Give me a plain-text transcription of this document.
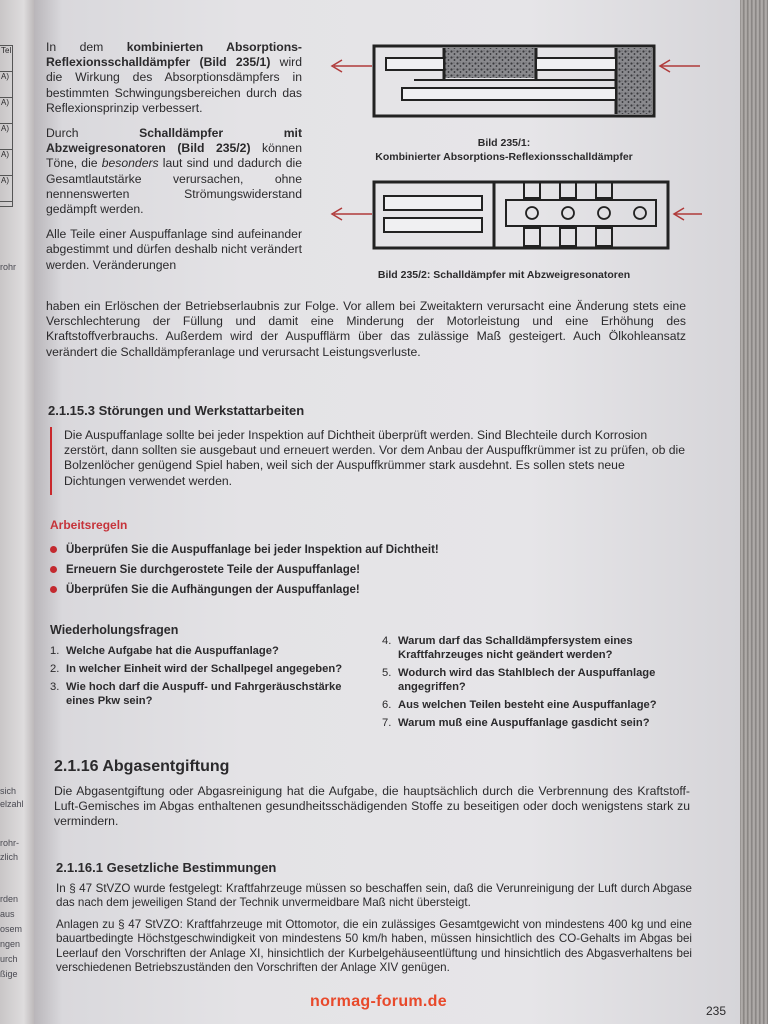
Tel
A)
A)
A)
A)
A)
rohr
sich
elzahl
rohr-
zlich
rden
aus
osem
ngen
urch
ßige

In dem kombinierten Absorptions-Reflexionsschalldämpfer (Bild 235/1) wird die Wirkung des Absorptionsdämpfers in bestimmten Schwingungsbereichen durch das Reflexionsprinzip verbessert.

Durch Schalldämpfer mit Abzweigresonatoren (Bild 235/2) können Töne, die besonders laut sind und dadurch die Gesamtlautstärke verursachen, ohne nennenswerten Strömungswiderstand gedämpft werden.

Alle Teile einer Auspuffanlage sind aufeinander abgestimmt und dürfen deshalb nicht verändert werden. Veränderungen

Bild 235/1:
Kombinierter Absorptions-Reflexionsschalldämpfer
Bild 235/2: Schalldämpfer mit Abzweigresonatoren
haben ein Erlöschen der Betriebserlaubnis zur Folge. Vor allem bei Zweitaktern verursacht eine Änderung stets eine Verschlechterung der Füllung und damit eine Minderung der Motorleistung und eine Erhöhung des Kraftstoffverbrauchs. Außerdem wird der Auspufflärm über das zulässige Maß gesteigert. Auch Ölkohleansatz verändert die Schalldämpferanlage und verursacht Leistungsverluste.
2.1.15.3 Störungen und Werkstattarbeiten
Die Auspuffanlage sollte bei jeder Inspektion auf Dichtheit überprüft werden. Sind Blechteile durch Korrosion zerstört, dann sollten sie ausgebaut und erneuert werden. Vor dem Anbau der Auspuffkrümmer ist zu prüfen, ob die Bolzenlöcher genügend Spiel haben, weil sich der Auspuffkrümmer stark ausdehnt. Es sollen stets neue Dichtungen verwendet werden.
Arbeitsregeln
Überprüfen Sie die Auspuffanlage bei jeder Inspektion auf Dichtheit!
Erneuern Sie durchgerostete Teile der Auspuffanlage!
Überprüfen Sie die Aufhängungen der Auspuffanlage!
Wiederholungsfragen
1. Welche Aufgabe hat die Auspuffanlage?
2. In welcher Einheit wird der Schallpegel angegeben?
3. Wie hoch darf die Auspuff- und Fahrgeräuschstärke eines Pkw sein?
4. Warum darf das Schalldämpfersystem eines Kraftfahrzeuges nicht geändert werden?
5. Wodurch wird das Stahlblech der Auspuffanlage angegriffen?
6. Aus welchen Teilen besteht eine Auspuffanlage?
7. Warum muß eine Auspuffanlage gasdicht sein?
2.1.16 Abgasentgiftung
Die Abgasentgiftung oder Abgasreinigung hat die Aufgabe, die hauptsächlich durch die Verbrennung des Kraftstoff-Luft-Gemisches im Abgas enthaltenen gesundheitsschädigenden Stoffe zu beseitigen oder doch wenigstens stark zu vermindern.
2.1.16.1 Gesetzliche Bestimmungen
In § 47 StVZO wurde festgelegt: Kraftfahrzeuge müssen so beschaffen sein, daß die Verunreinigung der Luft durch Abgase das nach dem jeweiligen Stand der Technik unvermeidbare Maß nicht übersteigt.
Anlagen zu § 47 StVZO: Kraftfahrzeuge mit Ottomotor, die ein zulässiges Gesamtgewicht von mindestens 400 kg und eine bauartbedingte Höchstgeschwindigkeit von mindestens 50 km/h haben, müssen hinsichtlich des CO-Gehalts im Abgas bei Leerlauf den Vorschriften der Anlage XI, hinsichtlich der Kurbelgehäuseentlüftung und hinsichtlich des Abgasverhaltens bei verschiedenen Betriebszuständen den Vorschriften der Anlage XIV genügen.
235
normag-forum.de
